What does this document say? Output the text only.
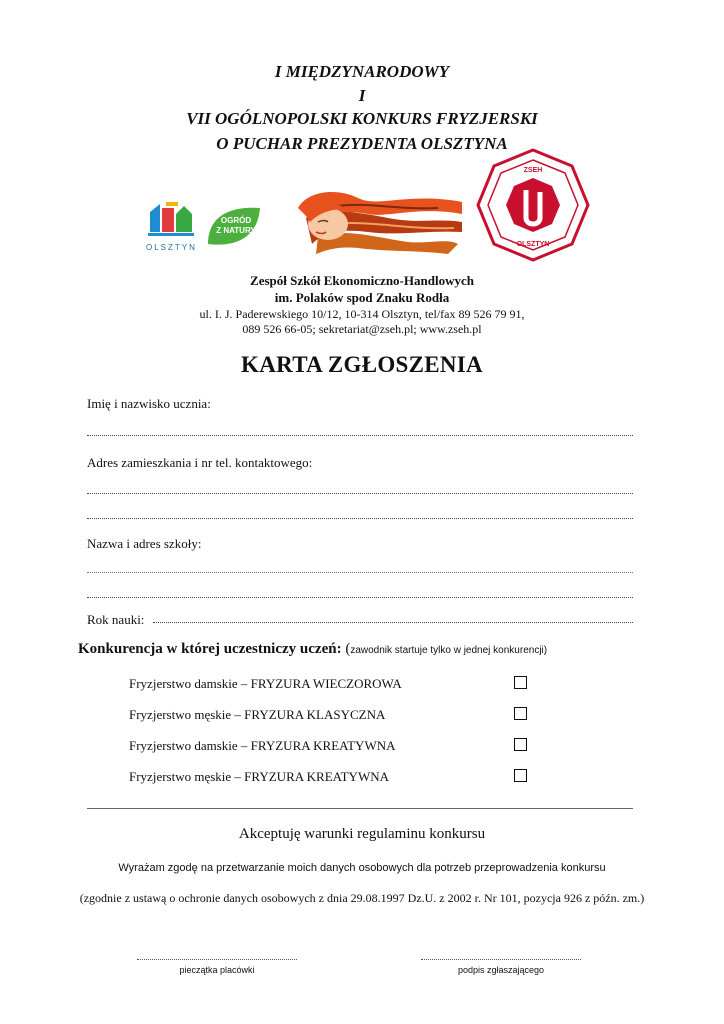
I MIĘDZYNARODOWY
I
VII OGÓLNOPOLSKI KONKURS FRYZJERSKI
O PUCHAR PREZYDENTA OLSZTYNA
OLSZTYN
OGRÓD
Z NATURY
ZSEH
OLSZTYN
Zespół Szkół Ekonomiczno-Handlowych
im. Polaków spod Znaku Rodła
ul. I. J. Paderewskiego 10/12, 10-314 Olsztyn, tel/fax 89 526 79 91,
089 526 66-05; sekretariat@zseh.pl; www.zseh.pl
KARTA ZGŁOSZENIA
Imię i nazwisko ucznia:
Adres zamieszkania i nr tel. kontaktowego:
Nazwa i adres szkoły:
Rok nauki:
Konkurencja w której uczestniczy uczeń: (zawodnik startuje tylko w jednej konkurencji)
Fryzjerstwo damskie – FRYZURA WIECZOROWA
Fryzjerstwo męskie – FRYZURA KLASYCZNA
Fryzjerstwo damskie – FRYZURA KREATYWNA
Fryzjerstwo męskie – FRYZURA KREATYWNA
Akceptuję warunki regulaminu konkursu
Wyrażam zgodę na przetwarzanie moich danych osobowych dla potrzeb przeprowadzenia konkursu
(zgodnie z ustawą o ochronie danych osobowych z dnia 29.08.1997 Dz.U. z 2002 r. Nr 101, pozycja 926 z późn. zm.)
pieczątka placówki	podpis zgłaszającego
